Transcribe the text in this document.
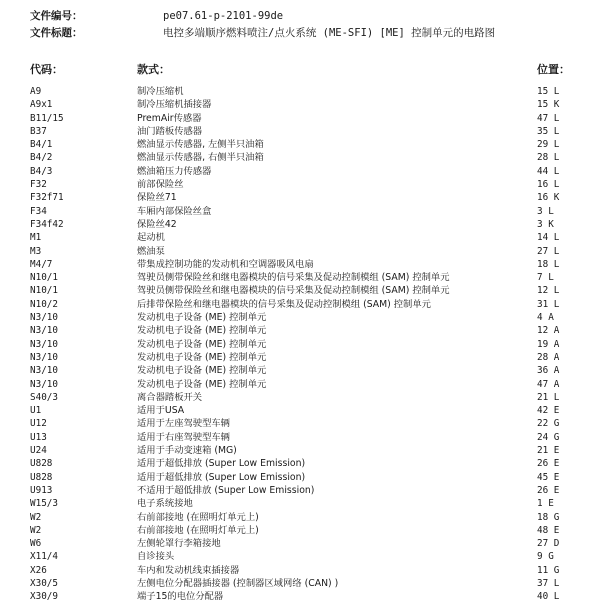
文件编号：	pe07.61-p-2101-99de
文件标题：	电控多端顺序燃料喷注/点火系统 (ME-SFI) [ME] 控制单元的电路图
代码：	款式：	位置：
A9	制冷压缩机	15 L
A9x1	制冷压缩机插接器	15 K
B11/15	PremAir传感器	47 L
B37	油门踏板传感器	35 L
B4/1	燃油显示传感器, 左侧半只油箱	29 L
B4/2	燃油显示传感器, 右侧半只油箱	28 L
B4/3	燃油箱压力传感器	44 L
F32	前部保险丝	16 L
F32f71	保险丝71	16 K
F34	车厢内部保险丝盒	3 L
F34f42	保险丝42	3 K
M1	起动机	14 L
M3	燃油泵	27 L
M4/7	带集成控制功能的发动机和空调器吸风电扇	18 L
N10/1	驾驶员侧带保险丝和继电器模块的信号采集及促动控制模组 (SAM) 控制单元	7 L
N10/1	驾驶员侧带保险丝和继电器模块的信号采集及促动控制模组 (SAM) 控制单元	12 L
N10/2	后排带保险丝和继电器模块的信号采集及促动控制模组 (SAM) 控制单元	31 L
N3/10	发动机电子设备 (ME) 控制单元	4 A
N3/10	发动机电子设备 (ME) 控制单元	12 A
N3/10	发动机电子设备 (ME) 控制单元	19 A
N3/10	发动机电子设备 (ME) 控制单元	28 A
N3/10	发动机电子设备 (ME) 控制单元	36 A
N3/10	发动机电子设备 (ME) 控制单元	47 A
S40/3	离合器踏板开关	21 L
U1	适用于USA	42 E
U12	适用于左座驾驶型车辆	22 G
U13	适用于右座驾驶型车辆	24 G
U24	适用于手动变速箱 (MG)	21 E
U828	适用于超低排放 (Super Low Emission)	26 E
U828	适用于超低排放 (Super Low Emission)	45 E
U913	不适用于超低排放 (Super Low Emission)	26 E
W15/3	电子系统接地	1 E
W2	右前部接地 (在照明灯单元上)	18 G
W2	右前部接地 (在照明灯单元上)	48 E
W6	左侧轮罩行李箱接地	27 D
X11/4	自诊接头	9 G
X26	车内和发动机线束插接器	11 G
X30/5	左侧电位分配器插接器 (控制器区域网络 (CAN) )	37 L
X30/9	端子15的电位分配器	40 L
